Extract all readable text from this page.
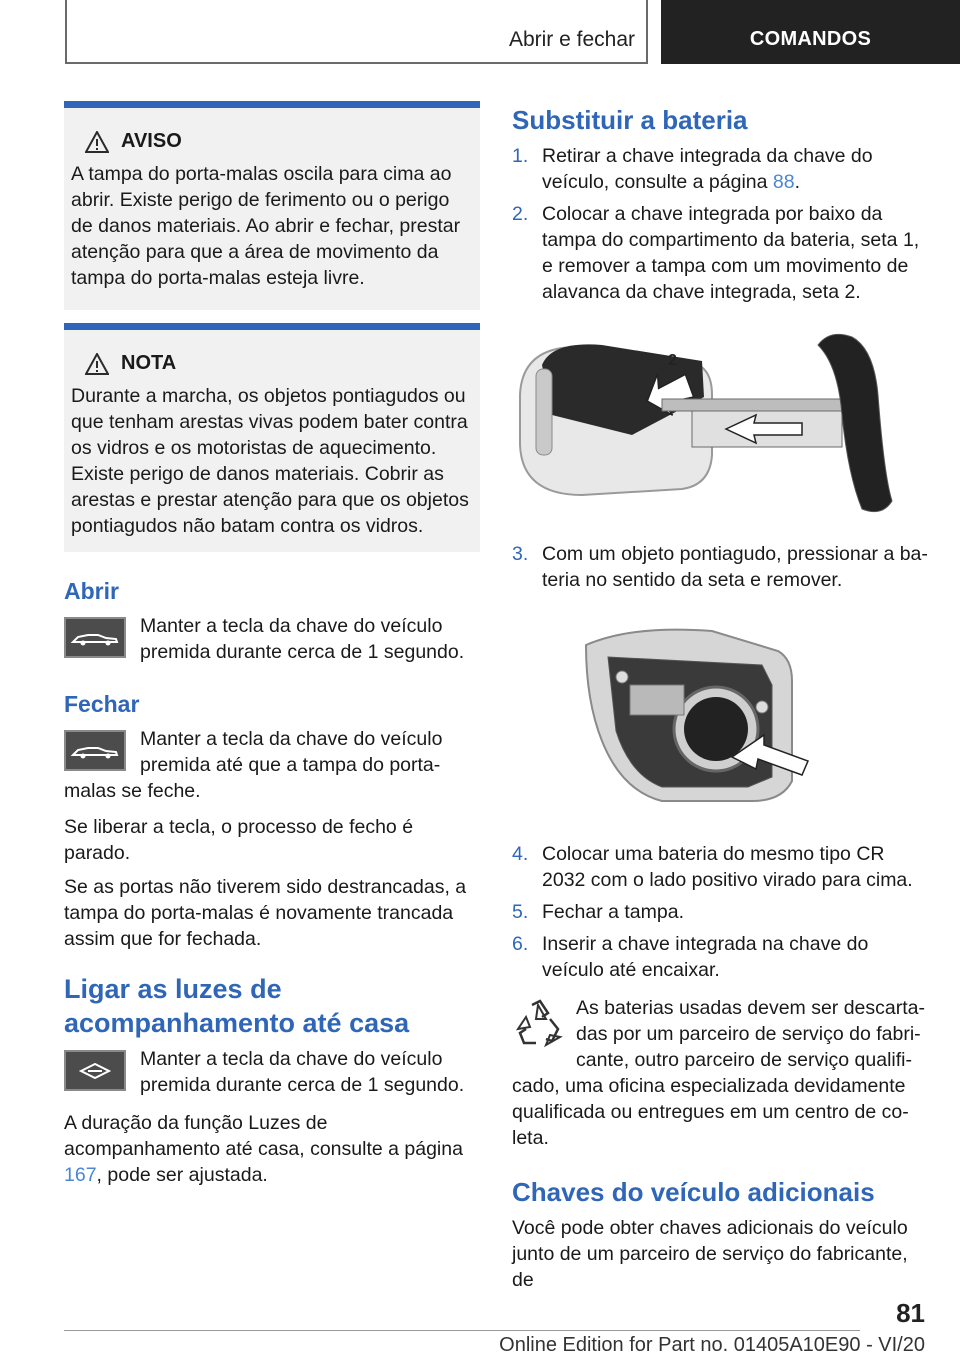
Abrir e fechar	COMANDOS
AVISO
A tampa do porta-malas oscila para cima ao abrir. Existe perigo de ferimento ou o perigo de danos materiais. Ao abrir e fechar, prestar atenção para que a área de movimento da tampa do porta-malas esteja livre.
NOTA
Durante a marcha, os objetos pontiagudos ou que tenham arestas vivas podem bater contra os vidros e os motoristas de aquecimento. Existe perigo de danos materiais. Cobrir as arestas e prestar atenção para que os objetos pontiagudos não batam contra os vidros.
Abrir

Manter a tecla da chave do veículo premida durante cerca de 1 segundo.

Fechar

Manter a tecla da chave do veículo premida até que a tampa do porta-malas se feche.

Se liberar a tecla, o processo de fecho é parado.

Se as portas não tiverem sido destrancadas, a tampa do porta-malas é novamente trancada assim que for fechada.

Ligar as luzes de acompanhamento até casa

Manter a tecla da chave do veículo premida durante cerca de 1 segundo.

A duração da função Luzes de acompanhamento até casa, consulte a página 167, pode ser ajustada.

Substituir a bateria
1. Retirar a chave integrada da chave do veículo, consulte a página 88.
2. Colocar a chave integrada por baixo da tampa do compartimento da bateria, seta 1, e remover a tampa com um movimento de alavanca da chave integrada, seta 2.
2
3. Com um objeto pontiagudo, pressionar a bateria no sentido da seta e remover.
4. Colocar uma bateria do mesmo tipo CR 2032 com o lado positivo virado para cima.
5. Fechar a tampa.
6. Inserir a chave integrada na chave do veículo até encaixar.

As baterias usadas devem ser descartadas por um parceiro de serviço do fabricante, outro parceiro de serviço qualificado, uma oficina especializada devidamente qualificada ou entregues em um centro de coleta.

Chaves do veículo adicionais

Você pode obter chaves adicionais do veículo junto de um parceiro de serviço do fabricante, de

81
Online Edition for Part no. 01405A10E90 - VI/20
